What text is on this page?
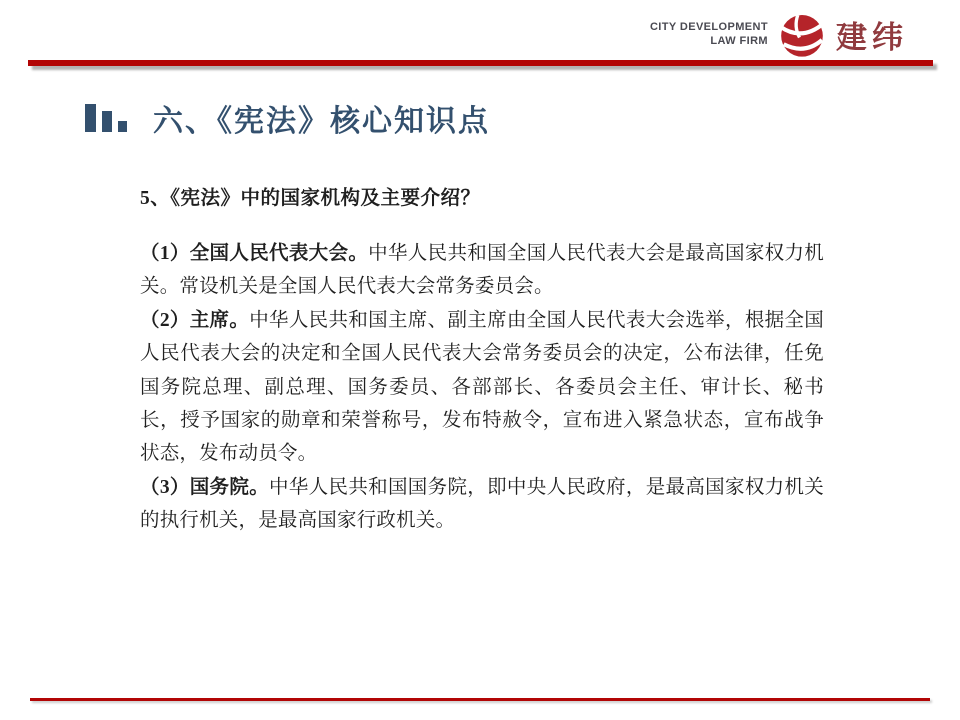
CITY DEVELOPMENT
LAW FIRM 建纬
六、《宪法》核心知识点
5、《宪法》中的国家机构及主要介绍？

（1）全国人民代表大会。中华人民共和国全国人民代表大会是最高国家权力机关。常设机关是全国人民代表大会常务委员会。

（2）主席。中华人民共和国主席、副主席由全国人民代表大会选举，根据全国人民代表大会的决定和全国人民代表大会常务委员会的决定，公布法律，任免国务院总理、副总理、国务委员、各部部长、各委员会主任、审计长、秘书长，授予国家的勋章和荣誉称号，发布特赦令，宣布进入紧急状态，宣布战争状态，发布动员令。

（3）国务院。中华人民共和国国务院，即中央人民政府，是最高国家权力机关的执行机关，是最高国家行政机关。
